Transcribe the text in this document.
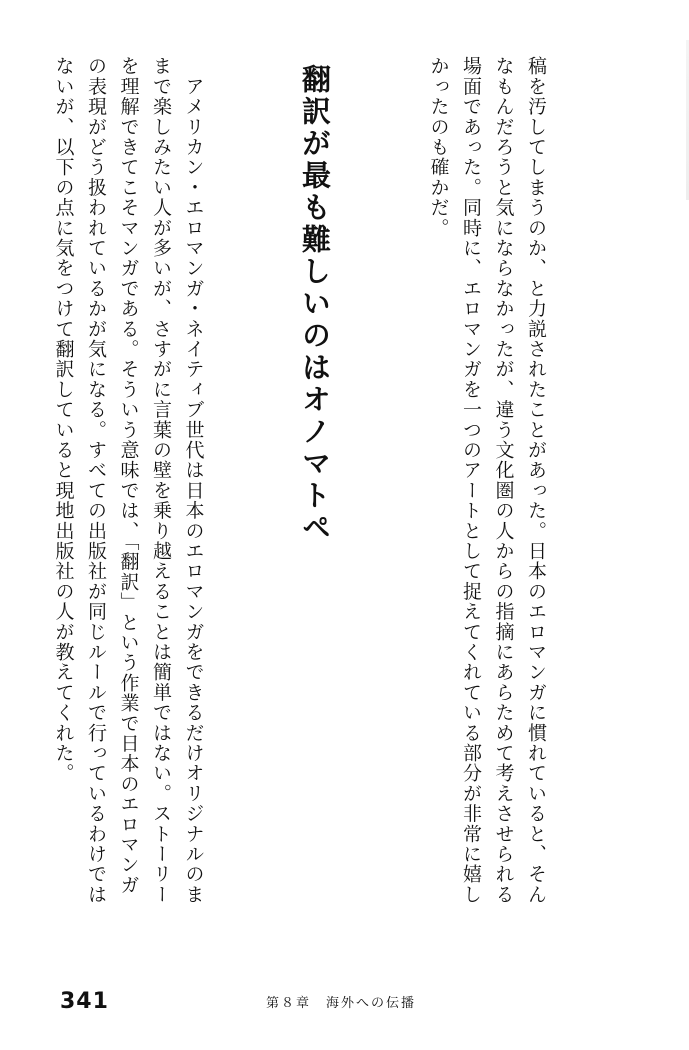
稿を汚してしまうのか、と力説されたことがあった。日本のエロマンガに慣れていると、そんなもんだろうと気にならなかったが、違う文化圏の人からの指摘にあらためて考えさせられる場面であった。同時に、エロマンガを一つのアートとして捉えてくれている部分が非常に嬉しかったのも確かだ。

翻訳が最も難しいのはオノマトペ

　アメリカン・エロマンガ・ネイティブ世代は日本のエロマンガをできるだけオリジナルのままで楽しみたい人が多いが、さすがに言葉の壁を乗り越えることは簡単ではない。ストーリーを理解できてこそマンガである。そういう意味では、「翻訳」という作業で日本のエロマンガの表現がどう扱われているかが気になる。すべての出版社が同じルールで行っているわけではないが、以下の点に気をつけて翻訳していると現地出版社の人が教えてくれた。

341	第８章　海外への伝播
